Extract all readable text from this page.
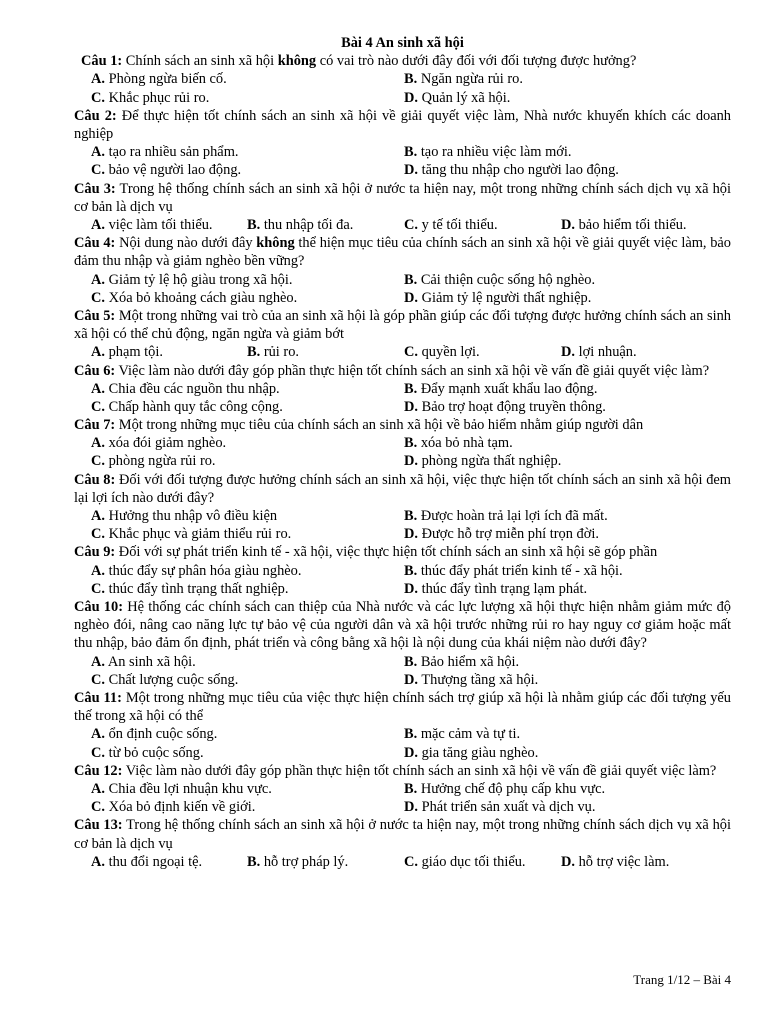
Bài 4 An sinh xã hội
Câu 1: Chính sách an sinh xã hội không có vai trò nào dưới đây đối với đối tượng được hưởng?
A. Phòng ngừa biến cố.	B. Ngăn ngừa rủi ro.
C. Khắc phục rủi ro.	D. Quản lý xã hội.
Câu 2: Để thực hiện tốt chính sách an sinh xã hội về giải quyết việc làm, Nhà nước khuyến khích các doanh nghiệp
A. tạo ra nhiều sản phẩm.	B. tạo ra nhiều việc làm mới.
C. bảo vệ người lao động.	D. tăng thu nhập cho người lao động.
Câu 3: Trong hệ thống chính sách an sinh xã hội ở nước ta hiện nay, một trong những chính sách dịch vụ xã hội cơ bản là dịch vụ
A. việc làm tối thiểu. B. thu nhập tối đa.	C. y tế tối thiểu.	D. bảo hiểm tối thiểu.
Câu 4: Nội dung nào dưới đây không thể hiện mục tiêu của chính sách an sinh xã hội về giải quyết việc làm, bảo đảm thu nhập và giảm nghèo bền vững?
A. Giảm tỷ lệ hộ giàu trong xã hội.	B. Cải thiện cuộc sống hộ nghèo.
C. Xóa bỏ khoảng cách giàu nghèo.	D. Giảm tỷ lệ người thất nghiệp.
Câu 5: Một trong những vai trò của an sinh xã hội là góp phần giúp các đối tượng được hưởng chính sách an sinh xã hội có thể chủ động, ngăn ngừa và giảm bớt
A. phạm tội.	B. rủi ro.	C. quyền lợi.	D. lợi nhuận.
Câu 6: Việc làm nào dưới đây góp phần thực hiện tốt chính sách an sinh xã hội về vấn đề giải quyết việc làm?
A. Chia đều các nguồn thu nhập.	B. Đẩy mạnh xuất khẩu lao động.
C. Chấp hành quy tắc công cộng.	D. Bảo trợ hoạt động truyền thông.
Câu 7: Một trong những mục tiêu của chính sách an sinh xã hội về bảo hiểm nhằm giúp người dân
A. xóa đói giảm nghèo.	B. xóa bỏ nhà tạm.
C. phòng ngừa rủi ro.	D. phòng ngừa thất nghiệp.
Câu 8: Đối với đối tượng được hưởng chính sách an sinh xã hội, việc thực hiện tốt chính sách an sinh xã hội đem lại lợi ích nào dưới đây?
A. Hưởng thu nhập vô điều kiện	B. Được hoàn trả lại lợi ích đã mất.
C. Khắc phục và giảm thiểu rủi ro.	D. Được hỗ trợ miễn phí trọn đời.
Câu 9: Đối với sự phát triển kinh tế - xã hội, việc thực hiện tốt chính sách an sinh xã hội sẽ góp phần
A. thúc đẩy sự phân hóa giàu nghèo.	B. thúc đẩy phát triển kinh tế - xã hội.
C. thúc đẩy tình trạng thất nghiệp.	D. thúc đẩy tình trạng lạm phát.
Câu 10: Hệ thống các chính sách can thiệp của Nhà nước và các lực lượng xã hội thực hiện nhằm giảm mức độ nghèo đói, nâng cao năng lực tự bảo vệ của người dân và xã hội trước những rủi ro hay nguy cơ giảm hoặc mất thu nhập, bảo đảm ổn định, phát triển và công bằng xã hội là nội dung của khái niệm nào dưới đây?
A. An sinh xã hội.	B. Bảo hiểm xã hội.
C. Chất lượng cuộc sống.	D. Thượng tầng xã hội.
Câu 11: Một trong những mục tiêu của việc thực hiện chính sách trợ giúp xã hội là nhằm giúp các đối tượng yếu thế trong xã hội có thể
A. ổn định cuộc sống.	B. mặc cảm và tự ti.
C. từ bỏ cuộc sống.	D. gia tăng giàu nghèo.
Câu 12: Việc làm nào dưới đây góp phần thực hiện tốt chính sách an sinh xã hội về vấn đề giải quyết việc làm?
A. Chia đều lợi nhuận khu vực.	B. Hưởng chế độ phụ cấp khu vực.
C. Xóa bỏ định kiến về giới.	D. Phát triển sản xuất và dịch vụ.
Câu 13: Trong hệ thống chính sách an sinh xã hội ở nước ta hiện nay, một trong những chính sách dịch vụ xã hội cơ bản là dịch vụ
A. thu đổi ngoại tệ.	B. hỗ trợ pháp lý.	C. giáo dục tối thiểu. D. hỗ trợ việc làm.
Trang 1/12 – Bài 4
